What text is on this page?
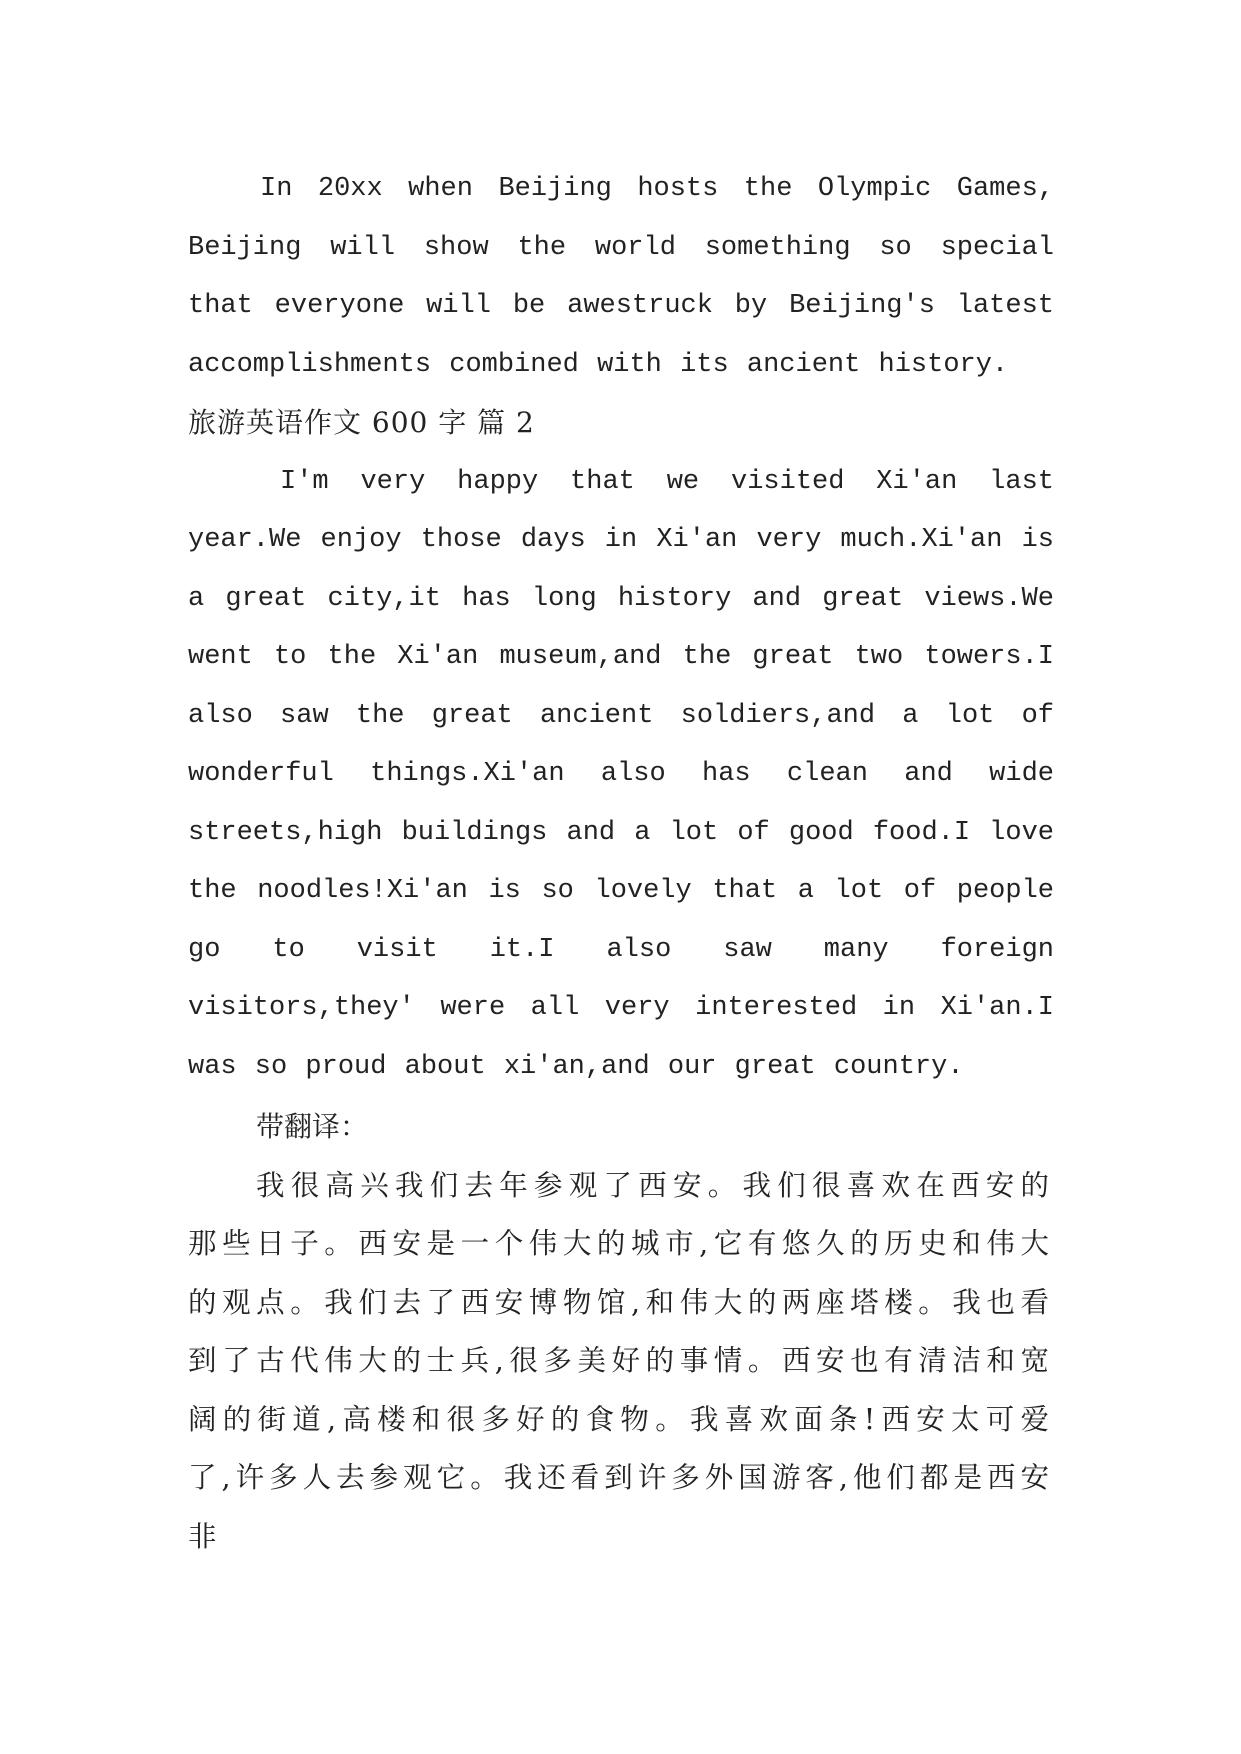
In 20xx when Beijing hosts the Olympic Games, Beijing will show the world something so special that everyone will be awestruck by Beijing's latest accomplishments combined with its ancient history.

旅游英语作文 600 字 篇 2

I'm very happy that we visited Xi'an last year.We enjoy those days in Xi'an very much.Xi'an is a great city,it has long history and great views.We went to the Xi'an museum,and the great two towers.I also saw the great ancient soldiers,and a lot of wonderful things.Xi'an also has clean and wide streets,high buildings and a lot of good food.I love the noodles!Xi'an is so lovely that a lot of people go to visit it.I also saw many foreign visitors,they' were all very interested in Xi'an.I was so proud about xi'an,and our great country.

带翻译：

我很高兴我们去年参观了西安。我们很喜欢在西安的那些日子。西安是一个伟大的城市,它有悠久的历史和伟大的观点。我们去了西安博物馆,和伟大的两座塔楼。我也看到了古代伟大的士兵,很多美好的事情。西安也有清洁和宽阔的街道,高楼和很多好的食物。我喜欢面条!西安太可爱了,许多人去参观它。我还看到许多外国游客,他们都是西安非
